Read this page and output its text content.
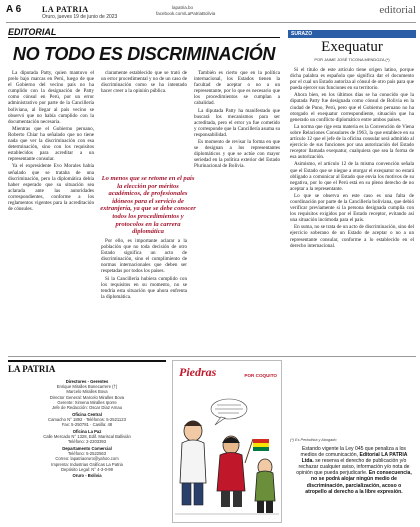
A 6	LA PATRIA
Oruro, jueves 19 de junio de 2023
lapatria.bo
facebook.com/LaPatriaBolivia	editorial
EDITORIAL
NO TODO ES DISCRIMINACIÓN

La diputada Patty, quien mantuvo el prelo bajo marcas en Perú, luego de que el Gobierno del vecino país no ha cumplido con la designación de Patty como cónsul en Perú, por un error administrativo por parte de la Cancillería boliviana, al llegar al país vecino se observó que no había cumplido con la documentación necesaria.

Mientras que el Gobierno peruano, Roberto Chiar ha señalado que no tiene nada que ver la discriminación con esa determinación, sino con los requisitos establecidos para acreditar a un representante consular.

Ya el expresidente Evo Morales había señalado que se trataba de una discriminación, pero la diplomática debía haber esperado que su situación sea aclarada ante las autoridades correspondientes, conforme a los reglamentos vigentes para la acreditación de cónsules.

claramente establecido que se trató de un error procedimental y no de un caso de discriminación como se ha intentado hacer creer a la opinión pública.

Por ello, es importante aclarar a la población que no toda decisión de otro Estado significa un acto de discriminación, sino el cumplimiento de normas internacionales que deben ser respetadas por todos los países.

Si la Cancillería hubiera cumplido con los requisitos en su momento, no se tendría esta situación que ahora enfrenta la diplomática.

También es cierto que en la política internacional, los Estados tienen la facultad de aceptar o no a un representante, por lo que es necesario que los procedimientos se cumplan a cabalidad.

La diputada Patty ha manifestado que buscará los mecanismos para ser acreditada, pero el error ya fue cometido y corresponde que la Cancillería asuma su responsabilidad.

Es momento de revisar la forma en que se designan a los representantes diplomáticos y que se actúe con mayor seriedad en la política exterior del Estado Plurinacional de Bolivia.

Lo menos que se retome en el país la elección por méritos académicos, de profesionales idóneos para el servicio de extranjería, ya que se debe conocer todos los procedimientos y protocolos en la carrera diplomática
LA PATRIA
Directores - Gerentes
Enrique Miralles Bonecarrere (†)
Marcelo Miralles Bova
Director General: Marcelo Miralles Bova
Gerente: Ximena Miralles Iporre
Jefe de Redacción: Oscar Díaz Arnau
Oficina Central
Camacho N° 1892 · Teléfonos: 5-2521123
Fax: 5-250781 · Casilla: 48
Oficina La Paz
Calle Mercado N° 1328, Edif. Mariscal Ballivián
Teléfono: 2-2203393
Departamento Comercial
Teléfono: 5-2522563
Correo: lapatriaoruro@yahoo.com
Imprenta: Industrias Gráficas La Patria
Depósito Legal: N° 4-3-0-99
Oruro - Bolivia
Piedras	POR COQUITO
SURAZO
Exequatur
POR JAIME JOSÉ TICONA MENDOZA (*)

Si el título de este artículo tiene origen latino, porque dicha palabra es española que significa dar el documento por el cual un Estado autoriza al cónsul de otro país para que pueda ejercer sus funciones en su territorio.

Ahora bien, en los últimos días se ha conocido que la diputada Patty fue designada como cónsul de Bolivia en la ciudad de Puno, Perú, pero que el Gobierno peruano no ha otorgado el exequatur correspondiente, situación que ha generado un conflicto diplomático entre ambos países.

La norma que rige esta materia es la Convención de Viena sobre Relaciones Consulares de 1963, la que establece en su artículo 12 que el jefe de la oficina consular será admitido al ejercicio de sus funciones por una autorización del Estado receptor llamada exequatur, cualquiera que sea la forma de esa autorización.

Asimismo, el artículo 12 de la misma convención señala que el Estado que se niegue a otorgar el exequatur no estará obligado a comunicar al Estado que envía los motivos de su negativa, por lo que el Perú está en su pleno derecho de no aceptar a la representante.

Lo que se observa en este caso es una falta de coordinación por parte de la Cancillería boliviana, que debió verificar previamente si la persona designada cumplía con los requisitos exigidos por el Estado receptor, evitando así una situación incómoda para el país.

En suma, no se trata de un acto de discriminación, sino del ejercicio soberano de un Estado de aceptar o no a un representante consular, conforme a lo establecido en el derecho internacional.

(*) Es Periodista y Abogado
Estando vigente la Ley 045 que penaliza a los medios de comunicación, Editorial LA PATRIA Ltda. se reserva el derecho de publicación y/o rechazar cualquier aviso, información y/o nota de opinión que pueda perjudicarle. En consecuencia, no se podrá alojar ningún medio de discriminación, parcialización, acoso o atropello al derecho a la libre expresión.
